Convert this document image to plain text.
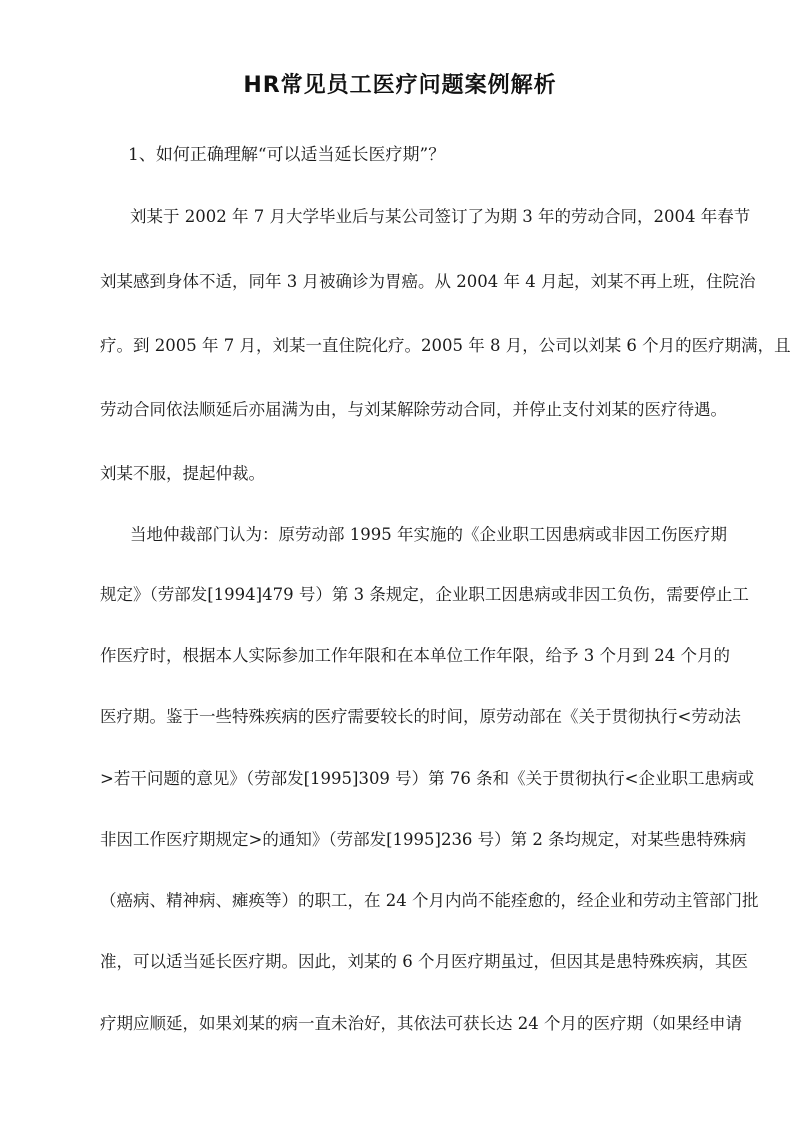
HR常见员工医疗问题案例解析
1、如何正确理解“可以适当延长医疗期”？
刘某于 2002 年 7 月大学毕业后与某公司签订了为期 3 年的劳动合同，2004 年春节
刘某感到身体不适，同年 3 月被确诊为胃癌。从 2004 年 4 月起，刘某不再上班，住院治
疗。到 2005 年 7 月，刘某一直住院化疗。2005 年 8 月，公司以刘某 6 个月的医疗期满，且
劳动合同依法顺延后亦届满为由，与刘某解除劳动合同，并停止支付刘某的医疗待遇。
刘某不服，提起仲裁。
当地仲裁部门认为：原劳动部 1995 年实施的《企业职工因患病或非因工伤医疗期
规定》（劳部发[1994]479 号）第 3 条规定，企业职工因患病或非因工负伤，需要停止工
作医疗时，根据本人实际参加工作年限和在本单位工作年限，给予 3 个月到 24 个月的
医疗期。鉴于一些特殊疾病的医疗需要较长的时间，原劳动部在《关于贯彻执行<劳动法
>若干问题的意见》（劳部发[1995]309 号）第 76 条和《关于贯彻执行<企业职工患病或
非因工作医疗期规定>的通知》（劳部发[1995]236 号）第 2 条均规定，对某些患特殊病
（癌病、精神病、瘫痪等）的职工，在 24 个月内尚不能痊愈的，经企业和劳动主管部门批
准，可以适当延长医疗期。因此，刘某的 6 个月医疗期虽过，但因其是患特殊疾病，其医
疗期应顺延，如果刘某的病一直未治好，其依法可获长达 24 个月的医疗期（如果经申请
